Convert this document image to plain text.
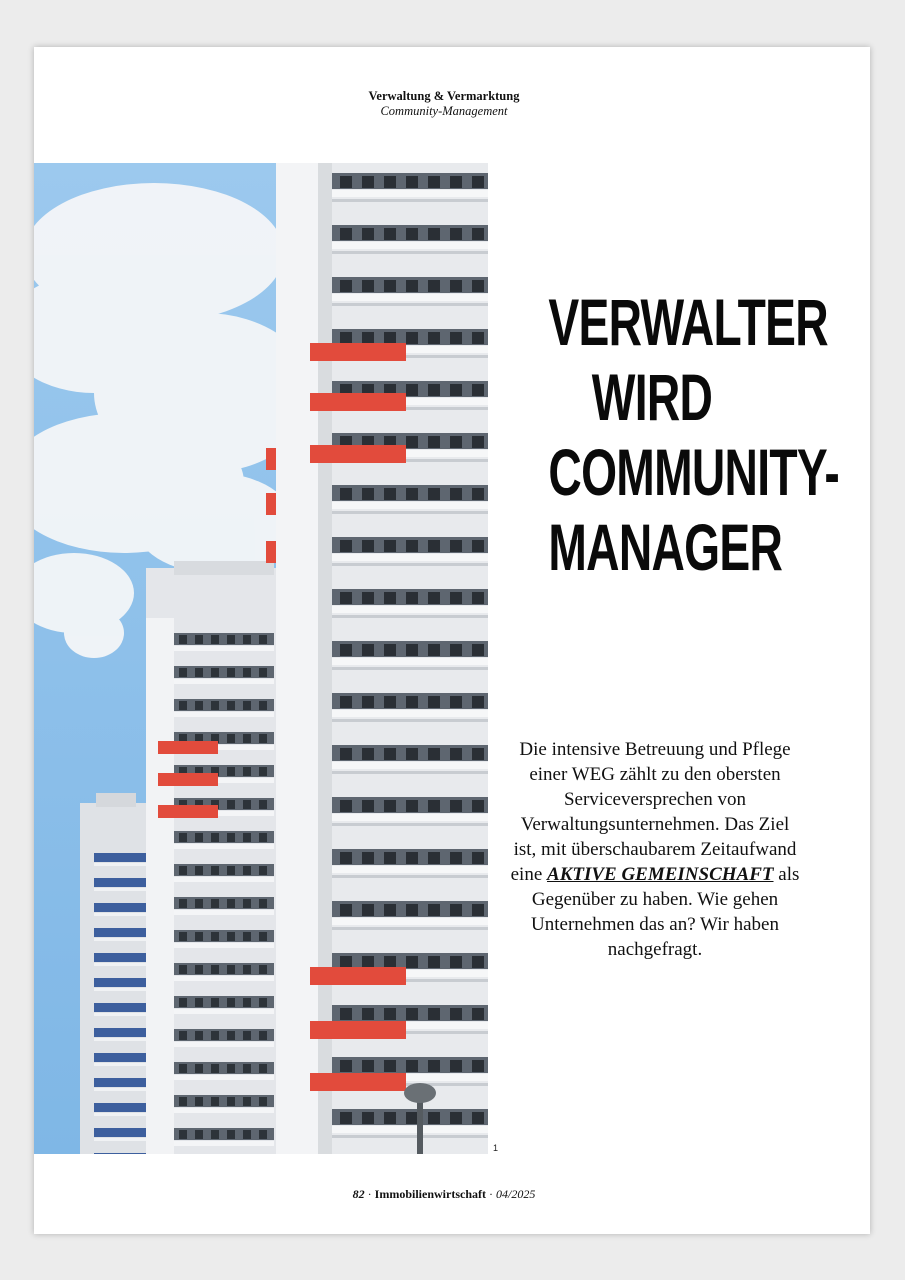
Verwaltung & Vermarktung
Community-Management
1
VERWALTER
WIRD
COMMUNITY-
MANAGER
Die intensive Betreuung und Pflege einer WEG zählt zu den obersten Serviceversprechen von Verwaltungsunternehmen. Das Ziel ist, mit überschaubarem Zeitaufwand eine AKTIVE GEMEINSCHAFT als Gegenüber zu haben. Wie gehen Unternehmen das an? Wir haben nachgefragt.
82 · Immobilienwirtschaft · 04/2025
